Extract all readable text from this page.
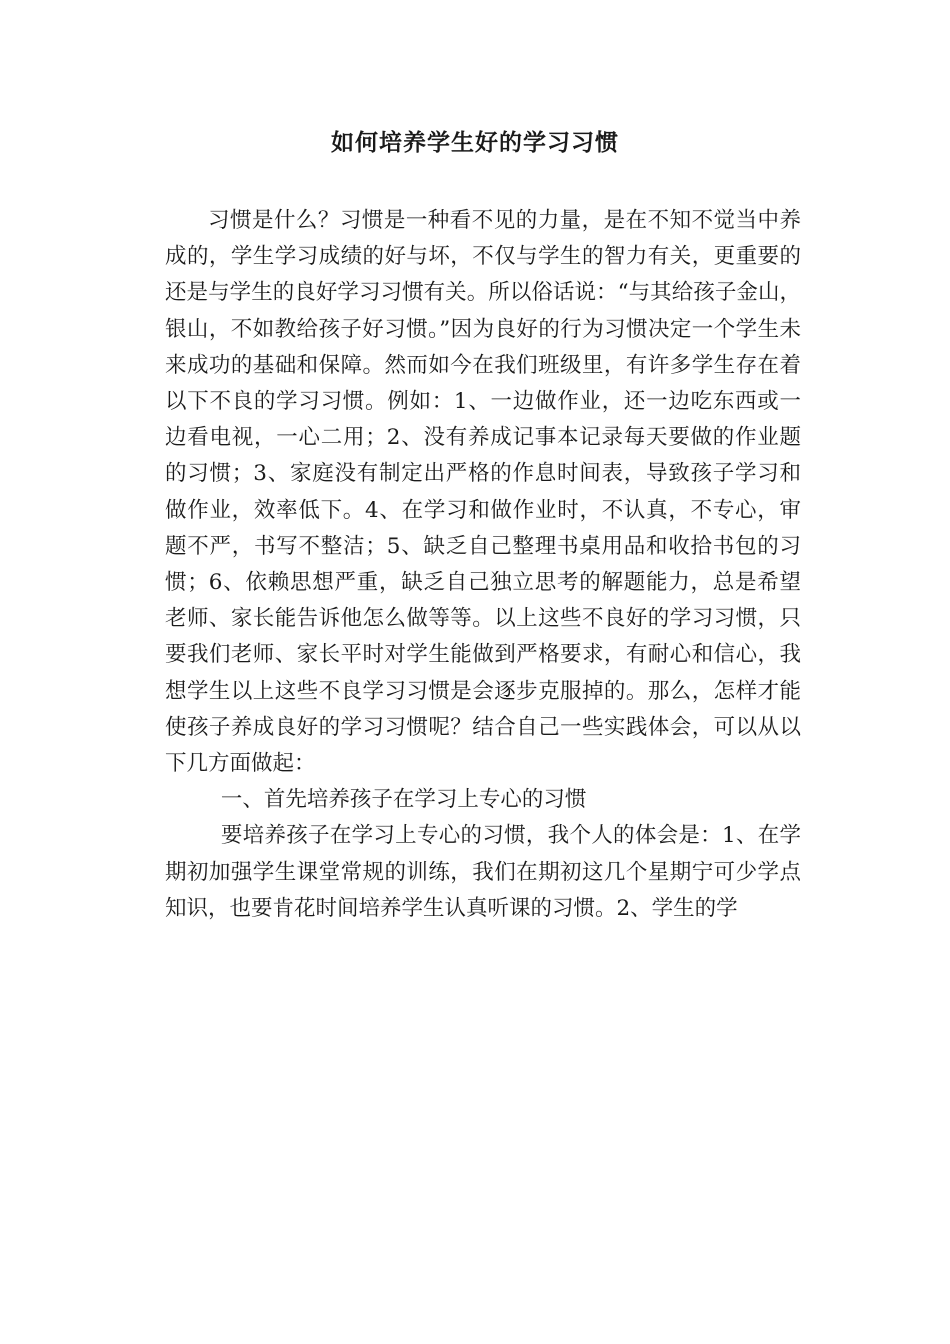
如何培养学生好的学习习惯

习惯是什么？习惯是一种看不见的力量，是在不知不觉当中养成的，学生学习成绩的好与坏，不仅与学生的智力有关，更重要的还是与学生的良好学习习惯有关。所以俗话说：“与其给孩子金山，银山，不如教给孩子好习惯。”因为良好的行为习惯决定一个学生未来成功的基础和保障。然而如今在我们班级里，有许多学生存在着以下不良的学习习惯。例如：1、一边做作业，还一边吃东西或一边看电视，一心二用；2、没有养成记事本记录每天要做的作业题的习惯；3、家庭没有制定出严格的作息时间表，导致孩子学习和做作业，效率低下。4、在学习和做作业时，不认真，不专心，审题不严，书写不整洁；5、缺乏自己整理书桌用品和收拾书包的习惯；6、依赖思想严重，缺乏自己独立思考的解题能力，总是希望老师、家长能告诉他怎么做等等。以上这些不良好的学习习惯，只要我们老师、家长平时对学生能做到严格要求，有耐心和信心，我想学生以上这些不良学习习惯是会逐步克服掉的。那么，怎样才能使孩子养成良好的学习习惯呢？结合自己一些实践体会，可以从以下几方面做起：

一、首先培养孩子在学习上专心的习惯

要培养孩子在学习上专心的习惯，我个人的体会是：1、在学期初加强学生课堂常规的训练，我们在期初这几个星期宁可少学点知识，也要肯花时间培养学生认真听课的习惯。2、学生的学
